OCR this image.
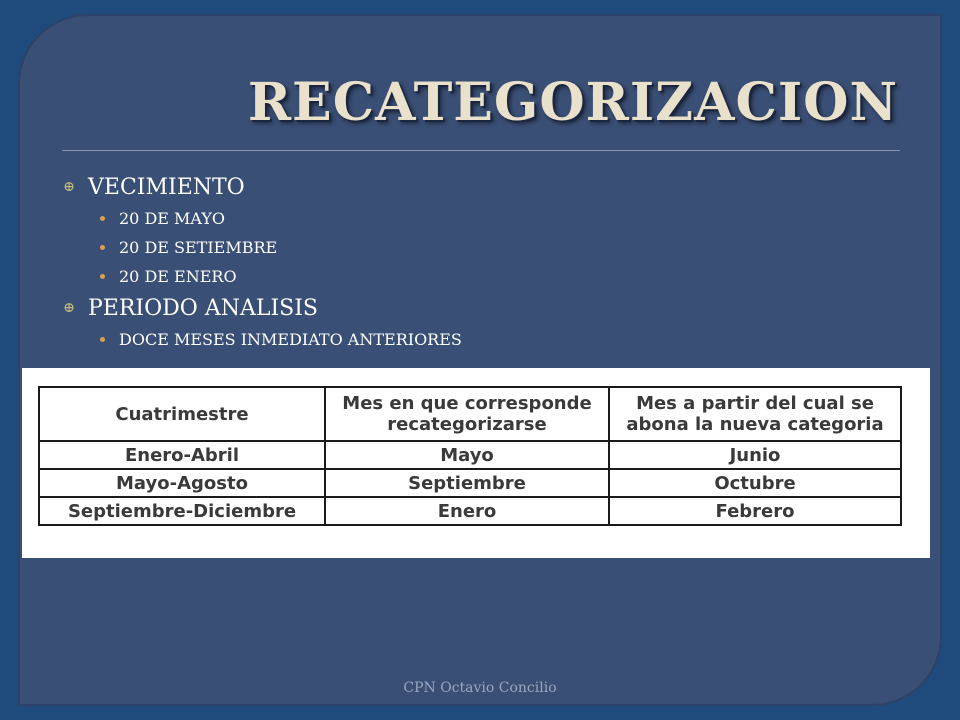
RECATEGORIZACION
⊕ VECIMIENTO
20 DE MAYO
20 DE SETIEMBRE
20 DE ENERO
⊕ PERIODO ANALISIS
DOCE MESES INMEDIATO ANTERIORES
Cuatrimestre	Mes en que corresponde recategorizarse	Mes a partir del cual se abona la nueva categoria
Enero-Abril	Mayo	Junio
Mayo-Agosto	Septiembre	Octubre
Septiembre-Diciembre	Enero	Febrero
CPN Octavio Concilio
